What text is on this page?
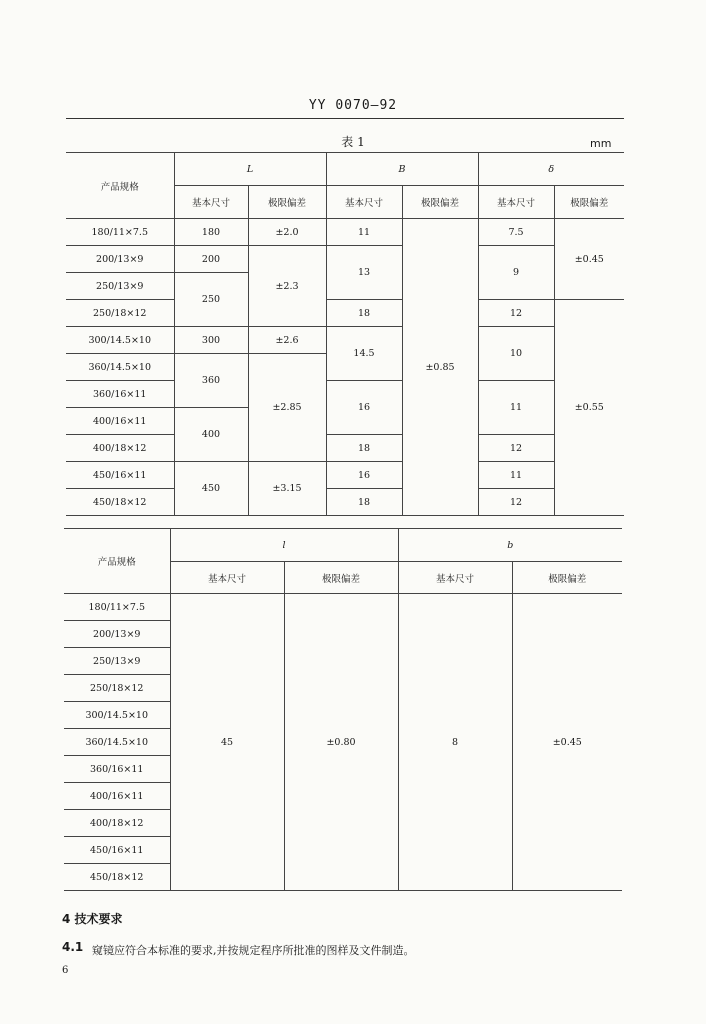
YY 0070—92
表 1	mm
产品规格	L		B		δ	
	基本尺寸	极限偏差	基本尺寸	极限偏差	基本尺寸	极限偏差
180/11×7.5	180	±2.0	11	±0.85	7.5	±0.45
200/13×9	200	±2.3	13		9	
250/13×9	250					
250/18×12			18		12	±0.55
300/14.5×10	300	±2.6	14.5		10	
360/14.5×10	360	±2.85				
360/16×11			16		11	
400/16×11	400					
400/18×12			18		12	
450/16×11	450	±3.15	16		11	
450/18×12			18		12	
产品规格	l		b	
	基本尺寸	极限偏差	基本尺寸	极限偏差
180/11×7.5	45	±0.80	8	±0.45
200/13×9				
250/13×9				
250/18×12				
300/14.5×10				
360/14.5×10				
360/16×11				
400/16×11				
400/18×12				
450/16×11				
450/18×12				
4 技术要求
4.1 窥镜应符合本标准的要求,并按规定程序所批准的图样及文件制造。
6
